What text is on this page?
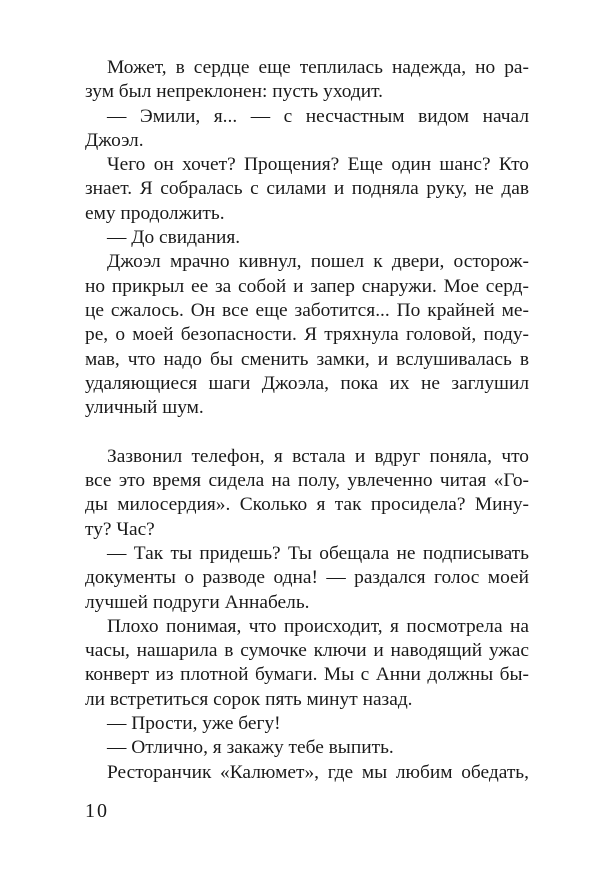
Может, в сердце еще теплилась надежда, но ра-
зум был непреклонен: пусть уходит.
— Эмили, я... — с несчастным видом начал
Джоэл.
Чего он хочет? Прощения? Еще один шанс? Кто
знает. Я собралась с силами и подняла руку, не дав
ему продолжить.
— До свидания.
Джоэл мрачно кивнул, пошел к двери, осторож-
но прикрыл ее за собой и запер снаружи. Мое серд-
це сжалось. Он все еще заботится... По крайней ме-
ре, о моей безопасности. Я тряхнула головой, поду-
мав, что надо бы сменить замки, и вслушивалась в
удаляющиеся шаги Джоэла, пока их не заглушил
уличный шум.
Зазвонил телефон, я встала и вдруг поняла, что
все это время сидела на полу, увлеченно читая «Го-
ды милосердия». Сколько я так просидела? Мину-
ту? Час?
— Так ты придешь? Ты обещала не подписывать
документы о разводе одна! — раздался голос моей
лучшей подруги Аннабель.
Плохо понимая, что происходит, я посмотрела на
часы, нашарила в сумочке ключи и наводящий ужас
конверт из плотной бумаги. Мы с Анни должны бы-
ли встретиться сорок пять минут назад.
— Прости, уже бегу!
— Отлично, я закажу тебе выпить.
Ресторанчик «Калюмет», где мы любим обедать,
10
